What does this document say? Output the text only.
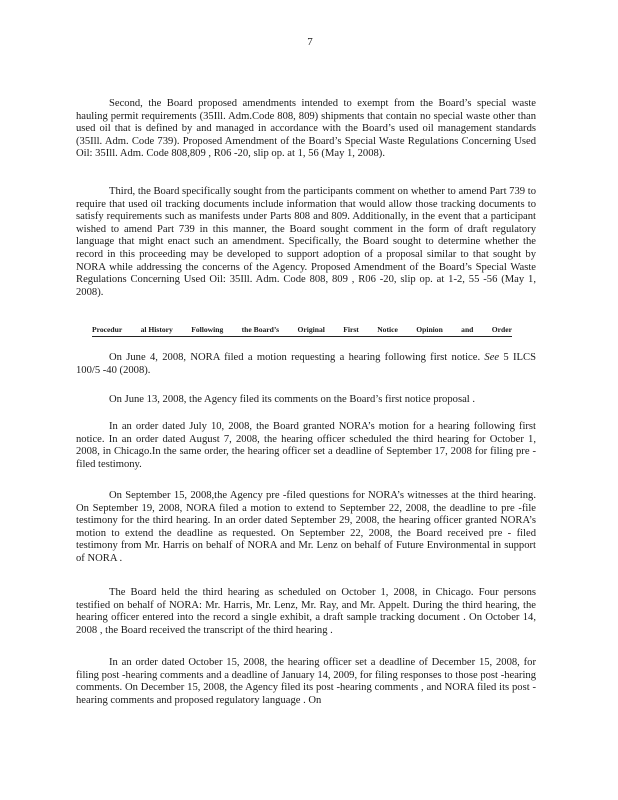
7

Second, the Board proposed amendments intended to exempt from the Board’s special waste hauling permit requirements (35Ill. Adm.Code 808, 809) shipments that contain no special waste other than used oil that is defined by and managed in accordance with the Board’s used oil management standards (35Ill. Adm. Code 739). Proposed Amendment of the Board’s Special Waste Regulations Concerning Used Oil: 35Ill. Adm. Code 808,809 , R06 -20, slip op. at 1, 56 (May 1, 2008).

Third, the Board specifically sought from the participants comment on whether to amend Part 739 to require that used oil tracking documents include information that would allow those tracking documents to satisfy requirements such as manifests under Parts 808 and 809. Additionally, in the event that a participant wished to amend Part 739 in this manner, the Board sought comment in the form of draft regulatory language that might enact such an amendment. Specifically, the Board sought to determine whether the record in this proceeding may be developed to support adoption of a proposal similar to that sought by NORA while addressing the concerns of the Agency. Proposed Amendment of the Board’s Special Waste Regulations Concerning Used Oil: 35Ill. Adm. Code 808, 809 , R06 -20, slip op. at 1-2, 55 -56 (May 1, 2008).

Procedur al History Following the Board’s Original First Notice Opinion and Order

On June 4, 2008, NORA filed a motion requesting a hearing following first notice. See 5 ILCS 100/5 -40 (2008).

On June 13, 2008, the Agency filed its comments on the Board’s first notice proposal .

In an order dated July 10, 2008, the Board granted NORA’s motion for a hearing following first notice. In an order dated August 7, 2008, the hearing officer scheduled the third hearing for October 1, 2008, in Chicago.In the same order, the hearing officer set a deadline of September 17, 2008 for filing pre -filed testimony.

On September 15, 2008,the Agency pre -filed questions for NORA’s witnesses at the third hearing. On September 19, 2008, NORA filed a motion to extend to September 22, 2008, the deadline to pre -file testimony for the third hearing. In an order dated September 29, 2008, the hearing officer granted NORA’s motion to extend the deadline as requested. On September 22, 2008, the Board received pre - filed testimony from Mr. Harris on behalf of NORA and Mr. Lenz on behalf of Future Environmental in support of NORA .

The Board held the third hearing as scheduled on October 1, 2008, in Chicago. Four persons testified on behalf of NORA: Mr. Harris, Mr. Lenz, Mr. Ray, and Mr. Appelt. During the third hearing, the hearing officer entered into the record a single exhibit, a draft sample tracking document . On October 14, 2008 , the Board received the transcript of the third hearing .

In an order dated October 15, 2008, the hearing officer set a deadline of December 15, 2008, for filing post -hearing comments and a deadline of January 14, 2009, for filing responses to those post -hearing comments. On December 15, 2008, the Agency filed its post -hearing comments , and NORA filed its post -hearing comments and proposed regulatory language . On
